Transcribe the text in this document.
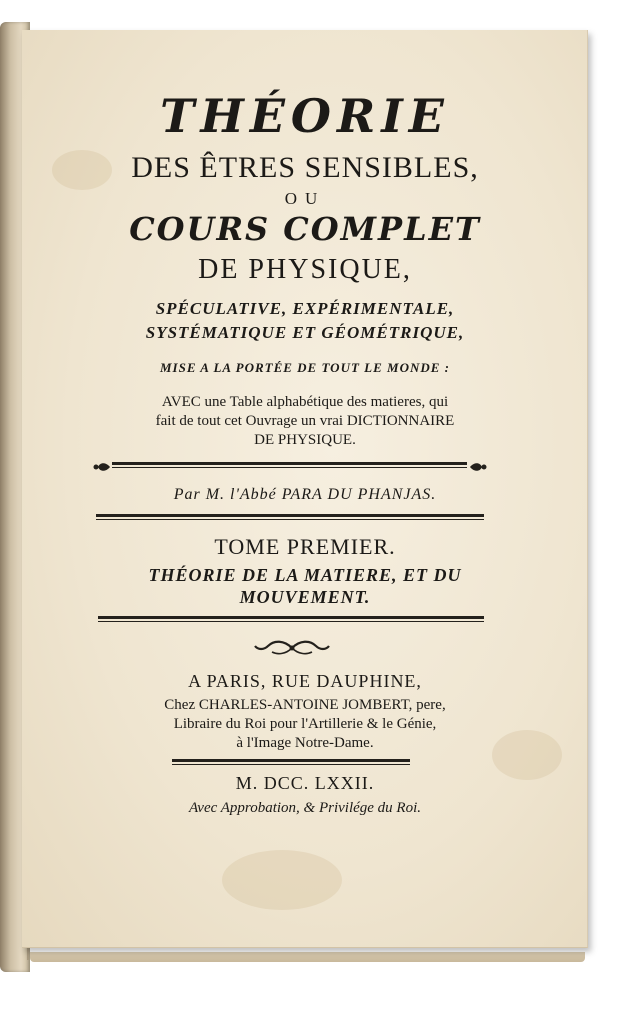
THÉORIE
DES ÊTRES SENSIBLES,
OU
COURS COMPLET
DE PHYSIQUE,
SPÉCULATIVE, EXPÉRIMENTALE,
SYSTÉMATIQUE ET GÉOMÉTRIQUE,
MISE A LA PORTÉE DE TOUT LE MONDE :
AVEC une Table alphabétique des matieres, qui
fait de tout cet Ouvrage un vrai DICTIONNAIRE
DE PHYSIQUE.
Par M. l'Abbé PARA DU PHANJAS.
TOME PREMIER.
THÉORIE DE LA MATIERE, ET DU
MOUVEMENT.
A PARIS, RUE DAUPHINE,
Chez CHARLES-ANTOINE JOMBERT, pere,
Libraire du Roi pour l'Artillerie & le Génie,
à l'Image Notre-Dame.
M. DCC. LXXII.
Avec Approbation, & Privilége du Roi.
